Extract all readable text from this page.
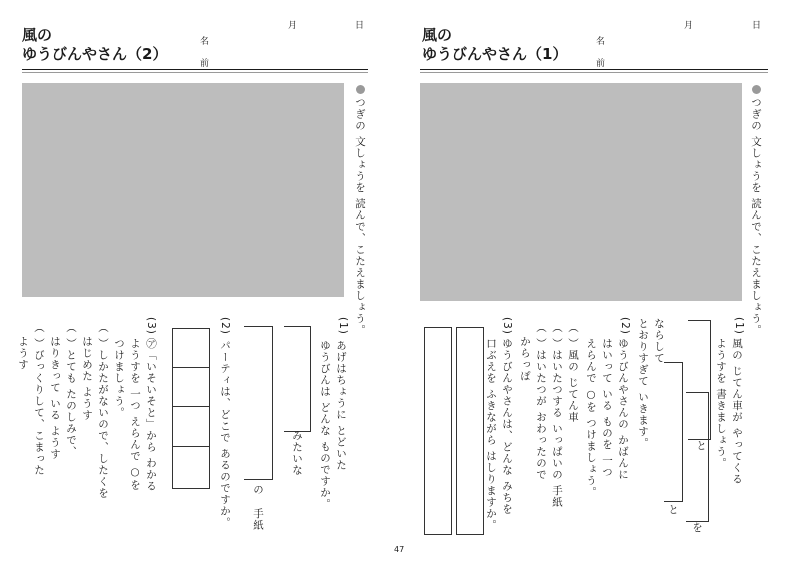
風の
ゆうびんやさん（2）
名
前
月	日
つぎの 文しょうを 読んで、こたえましょう。
(1)
あげはちょうに とどいた
ゆうびんは どんな ものですか。
みたいな
の
手紙
(2)
パーティは、どこで あるのですか。
(3)
㋐「いそいそと」から わかる
ようすを 一つ えらんで ○を
つけましょう。
（ ）しかたがないので、したくを
はじめた ようす
（ ）とても たのしみで、
はりきって いる ようす
（ ）びっくりして、こまった
ようす
風の
ゆうびんやさん（1）
名
前
月	日
つぎの 文しょうを 読んで、こたえましょう。
(1)
風の じてん車が やってくる
ようすを 書きましょう。
を
と
と
ならして
とおりすぎて いきます。
(2)
ゆうびんやさんの かばんに
はいって いる ものを 一つ
えらんで ○を つけましょう。
（ ）風の じてん車
（ ）はいたつする いっぱいの 手紙
（ ）はいたつが おわったので
からっぽ
(3)
ゆうびんやさんは、どんな みちを
口ぶえを ふきながら はしりますか。
47
